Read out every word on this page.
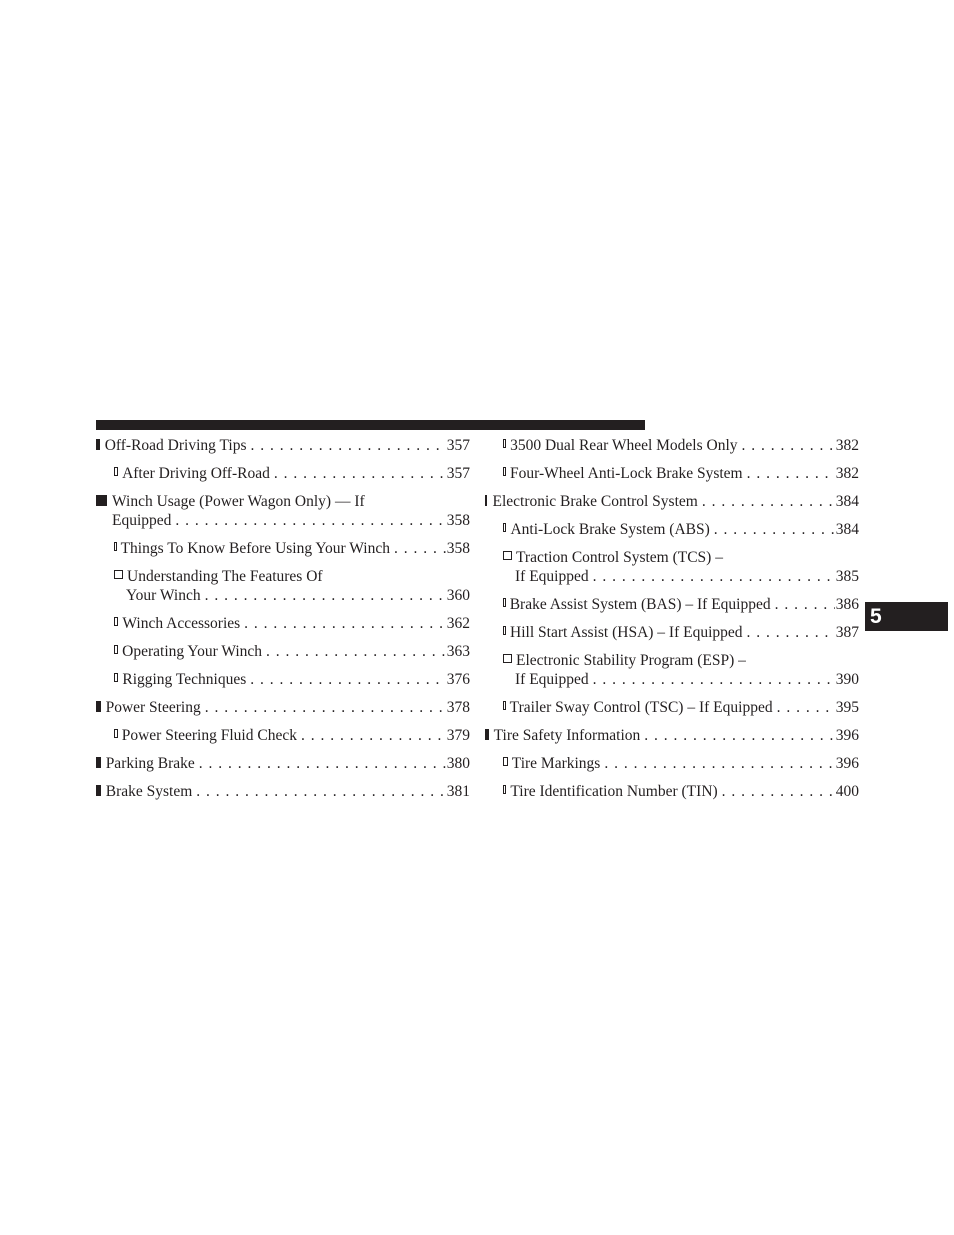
Off-Road Driving Tips . . .	357
After Driving Off-Road . . .	357
Winch Usage (Power Wagon Only) — If
Equipped . . .	358
Things To Know Before Using Your Winch . . .	358
Understanding The Features Of
Your Winch . . .	360
Winch Accessories . . .	362
Operating Your Winch . . .	363
Rigging Techniques . . .	376
Power Steering . . .	378
Power Steering Fluid Check . . .	379
Parking Brake . . .	380
Brake System . . .	381
3500 Dual Rear Wheel Models Only . . .	382
Four-Wheel Anti-Lock Brake System . . .	382
Electronic Brake Control System . . .	384
Anti-Lock Brake System (ABS) . . .	384
Traction Control System (TCS) –
If Equipped . . .	385
Brake Assist System (BAS) – If Equipped . . .	386
Hill Start Assist (HSA) – If Equipped . . .	387
Electronic Stability Program (ESP) –
If Equipped . . .	390
Trailer Sway Control (TSC) – If Equipped . . .	395
Tire Safety Information . . .	396
Tire Markings . . .	396
Tire Identification Number (TIN) . . .	400
5
